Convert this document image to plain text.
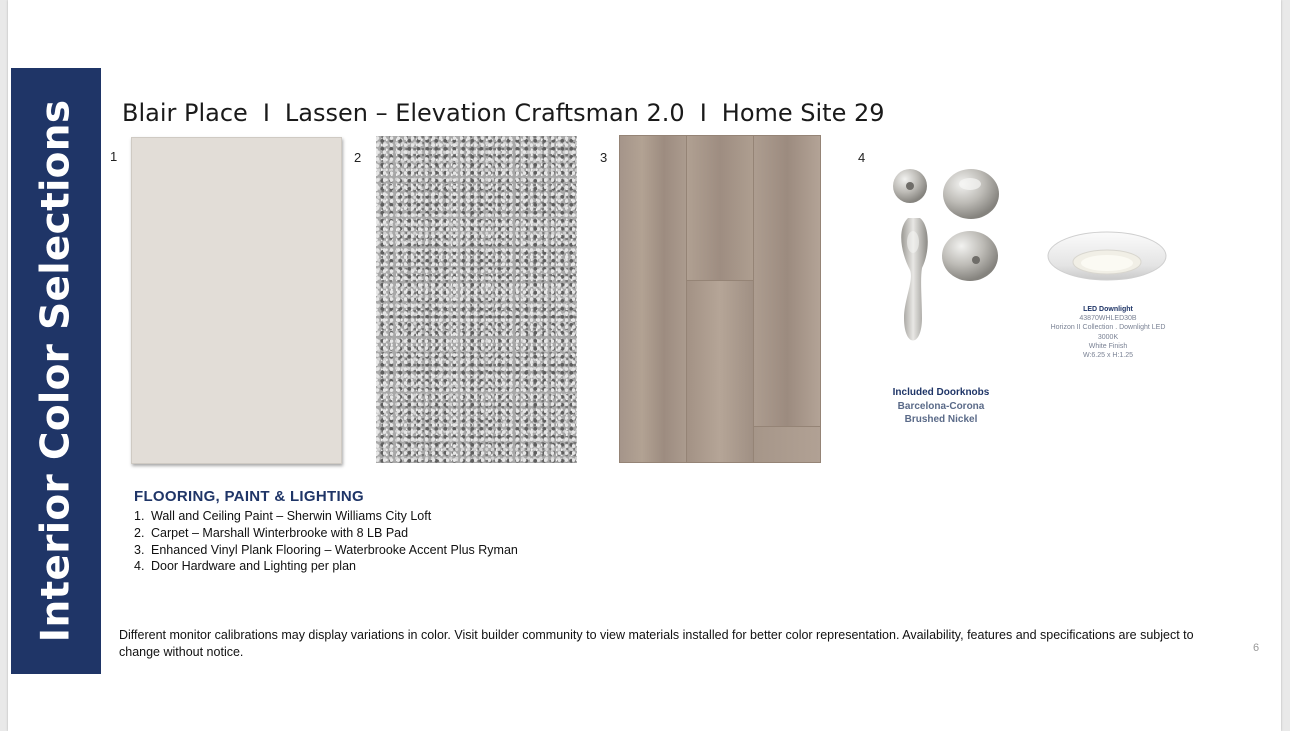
Interior Color Selections Blair Place I Lassen – Elevation Craftsman 2.0 I Home Site 29
1	2	3	4
Included Doorknobs
Barcelona-Corona
Brushed Nickel
LED Downlight
43870WHLED30B
Horizon II Collection . Downlight LED
3000K
White Finish
W:6.25 x H:1.25
FLOORING, PAINT & LIGHTING
1. Wall and Ceiling Paint – Sherwin Williams City Loft
2. Carpet – Marshall Winterbrooke with 8 LB Pad
3. Enhanced Vinyl Plank Flooring – Waterbrooke Accent Plus Ryman
4. Door Hardware and Lighting per plan
Different monitor calibrations may display variations in color. Visit builder community to view materials installed for better color representation. Availability, features and specifications are subject to change without notice.	6
